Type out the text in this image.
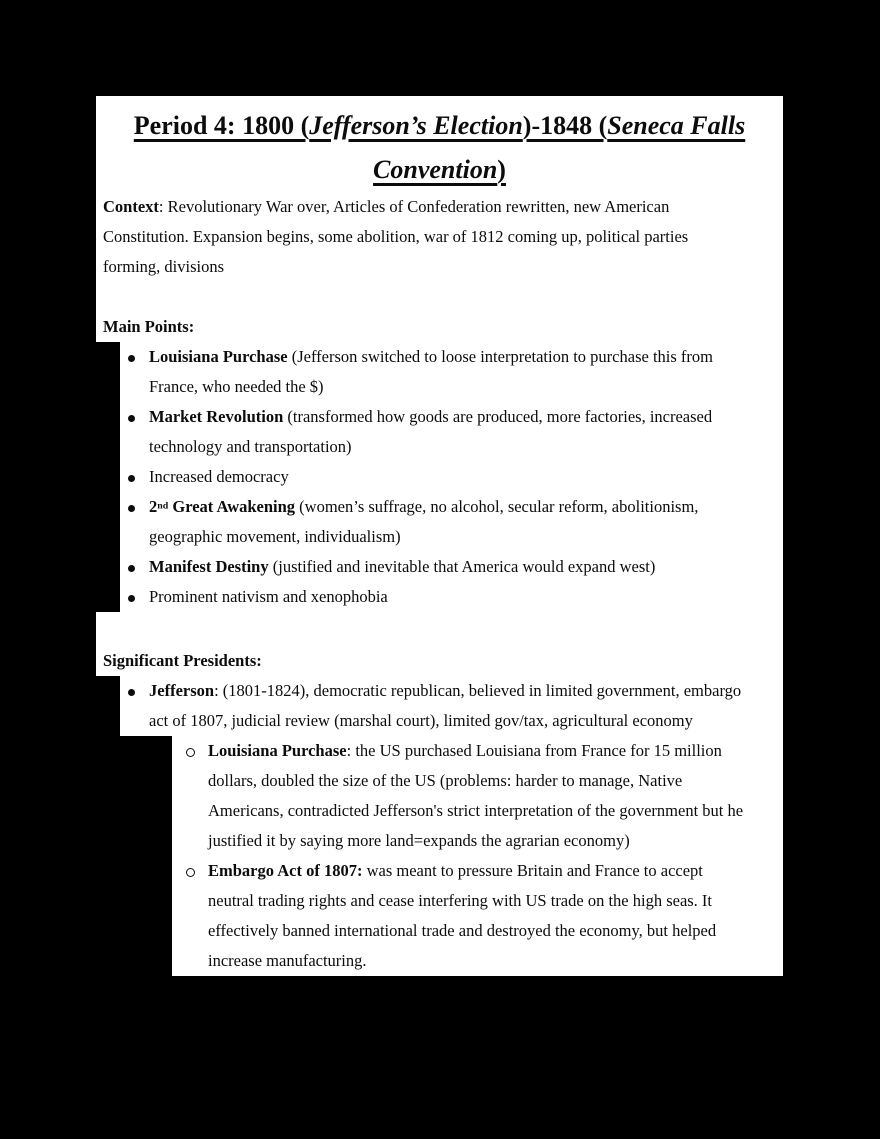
Period 4: 1800 (Jefferson’s Election)-1848 (Seneca Falls
Convention)
Context: Revolutionary War over, Articles of Confederation rewritten, new American
Constitution. Expansion begins, some abolition, war of 1812 coming up, political parties
forming, divisions
Main Points:
Louisiana Purchase (Jefferson switched to loose interpretation to purchase this from
France, who needed the $)
Market Revolution (transformed how goods are produced, more factories, increased
technology and transportation)
Increased democracy
2nd Great Awakening (women’s suffrage, no alcohol, secular reform, abolitionism,
geographic movement, individualism)
Manifest Destiny (justified and inevitable that America would expand west)
Prominent nativism and xenophobia
Significant Presidents:
Jefferson: (1801-1824), democratic republican, believed in limited government, embargo
act of 1807, judicial review (marshal court), limited gov/tax, agricultural economy
Louisiana Purchase: the US purchased Louisiana from France for 15 million
dollars, doubled the size of the US (problems: harder to manage, Native
Americans, contradicted Jefferson's strict interpretation of the government but he
justified it by saying more land=expands the agrarian economy)
Embargo Act of 1807: was meant to pressure Britain and France to accept
neutral trading rights and cease interfering with US trade on the high seas. It
effectively banned international trade and destroyed the economy, but helped
increase manufacturing.
